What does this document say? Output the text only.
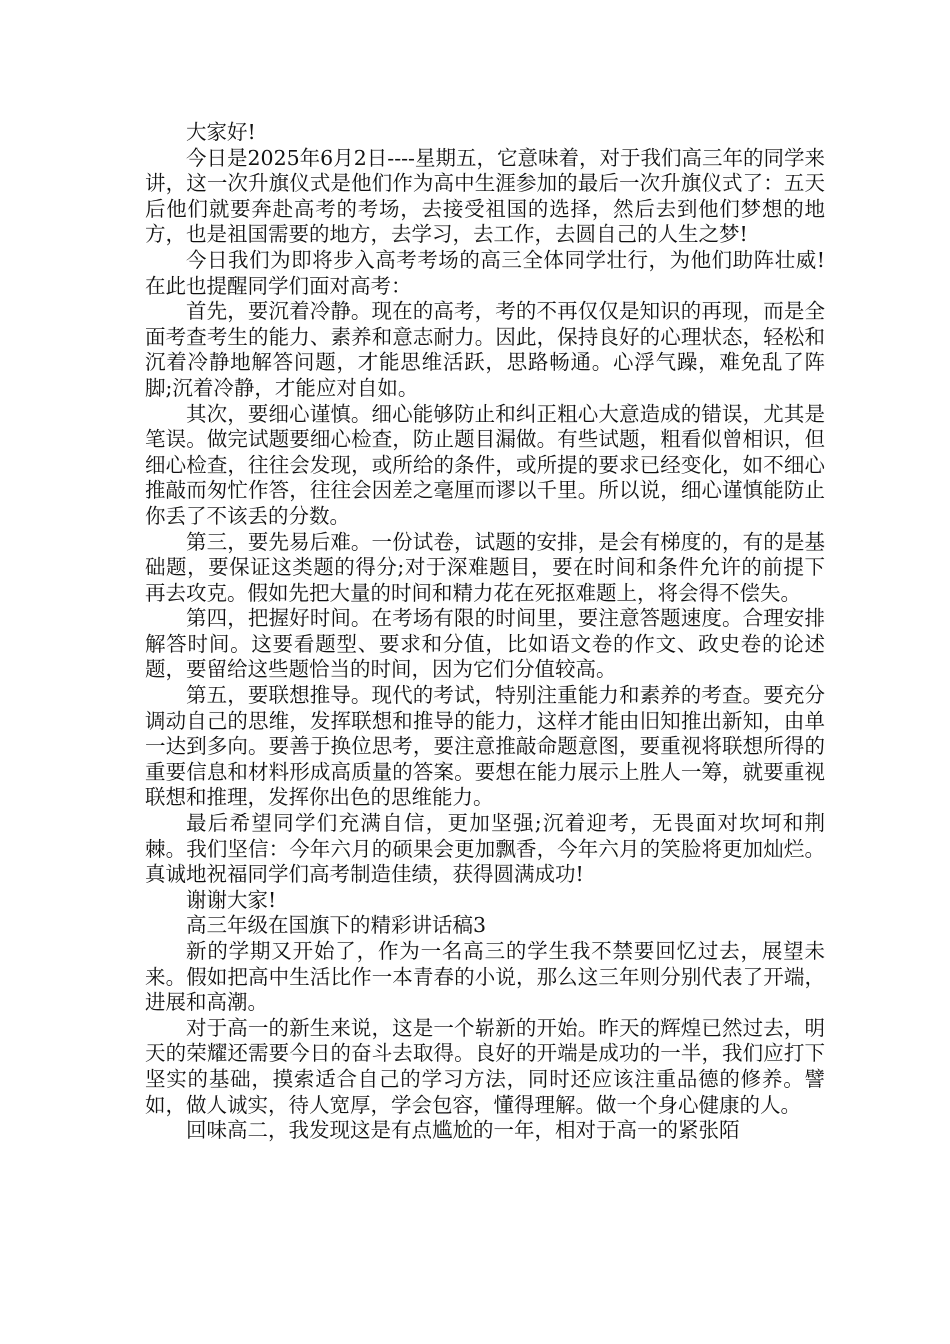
大家好!

今日是2025年6月2日----星期五，它意味着，对于我们高三年的同学来讲，这一次升旗仪式是他们作为高中生涯参加的最后一次升旗仪式了：五天后他们就要奔赴高考的考场，去接受祖国的选择，然后去到他们梦想的地方，也是祖国需要的地方，去学习，去工作，去圆自己的人生之梦!

今日我们为即将步入高考考场的高三全体同学壮行，为他们助阵壮威!在此也提醒同学们面对高考：

首先，要沉着冷静。现在的高考，考的不再仅仅是知识的再现，而是全面考查考生的能力、素养和意志耐力。因此，保持良好的心理状态，轻松和沉着冷静地解答问题，才能思维活跃，思路畅通。心浮气躁，难免乱了阵脚;沉着冷静，才能应对自如。

其次，要细心谨慎。细心能够防止和纠正粗心大意造成的错误，尤其是笔误。做完试题要细心检查，防止题目漏做。有些试题，粗看似曾相识，但细心检查，往往会发现，或所给的条件，或所提的要求已经变化，如不细心推敲而匆忙作答，往往会因差之毫厘而谬以千里。所以说，细心谨慎能防止你丢了不该丢的分数。

第三，要先易后难。一份试卷，试题的安排，是会有梯度的，有的是基础题，要保证这类题的得分;对于深难题目，要在时间和条件允许的前提下再去攻克。假如先把大量的时间和精力花在死抠难题上，将会得不偿失。

第四，把握好时间。在考场有限的时间里，要注意答题速度。合理安排解答时间。这要看题型、要求和分值，比如语文卷的作文、政史卷的论述题，要留给这些题恰当的时间，因为它们分值较高。

第五，要联想推导。现代的考试，特别注重能力和素养的考查。要充分调动自己的思维，发挥联想和推导的能力，这样才能由旧知推出新知，由单一达到多向。要善于换位思考，要注意推敲命题意图，要重视将联想所得的重要信息和材料形成高质量的答案。要想在能力展示上胜人一筹，就要重视联想和推理，发挥你出色的思维能力。

最后希望同学们充满自信，更加坚强;沉着迎考，无畏面对坎坷和荆棘。我们坚信：今年六月的硕果会更加飘香，今年六月的笑脸将更加灿烂。真诚地祝福同学们高考制造佳绩，获得圆满成功!

谢谢大家!

高三年级在国旗下的精彩讲话稿3

新的学期又开始了，作为一名高三的学生我不禁要回忆过去，展望未来。假如把高中生活比作一本青春的小说，那么这三年则分别代表了开端，进展和高潮。

对于高一的新生来说，这是一个崭新的开始。昨天的辉煌已然过去，明天的荣耀还需要今日的奋斗去取得。良好的开端是成功的一半，我们应打下坚实的基础，摸索适合自己的学习方法，同时还应该注重品德的修养。譬如，做人诚实，待人宽厚，学会包容，懂得理解。做一个身心健康的人。

回味高二，我发现这是有点尴尬的一年，相对于高一的紧张陌
